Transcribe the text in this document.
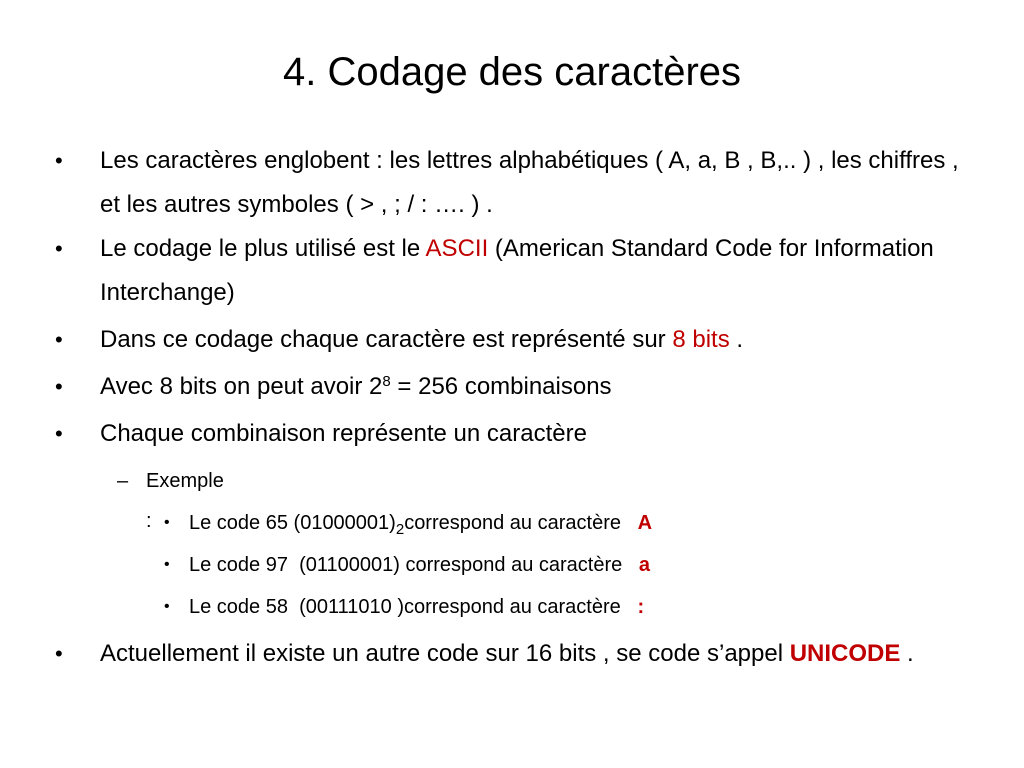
4. Codage des caractères
• Les caractères englobent : les lettres alphabétiques ( A, a, B , B,.. ) , les chiffres , et les autres symboles ( > , ; / : …. ) .
• Le codage le plus utilisé est le ASCII (American Standard Code for Information Interchange)
• Dans ce codage chaque caractère est représenté sur 8 bits .
• Avec 8 bits on peut avoir $2^8 = 256$ combinaisons
• Chaque combinaison représente un caractère
– Exemple : • Le code 65 $(01000001)_2correspond$ au caractère   A
• Le code 97  (01100001) correspond au caractère   a
• Le code 58  (00111010 )correspond au caractère   :
• Actuellement il existe un autre code sur 16 bits , se code s’appel UNICODE .
